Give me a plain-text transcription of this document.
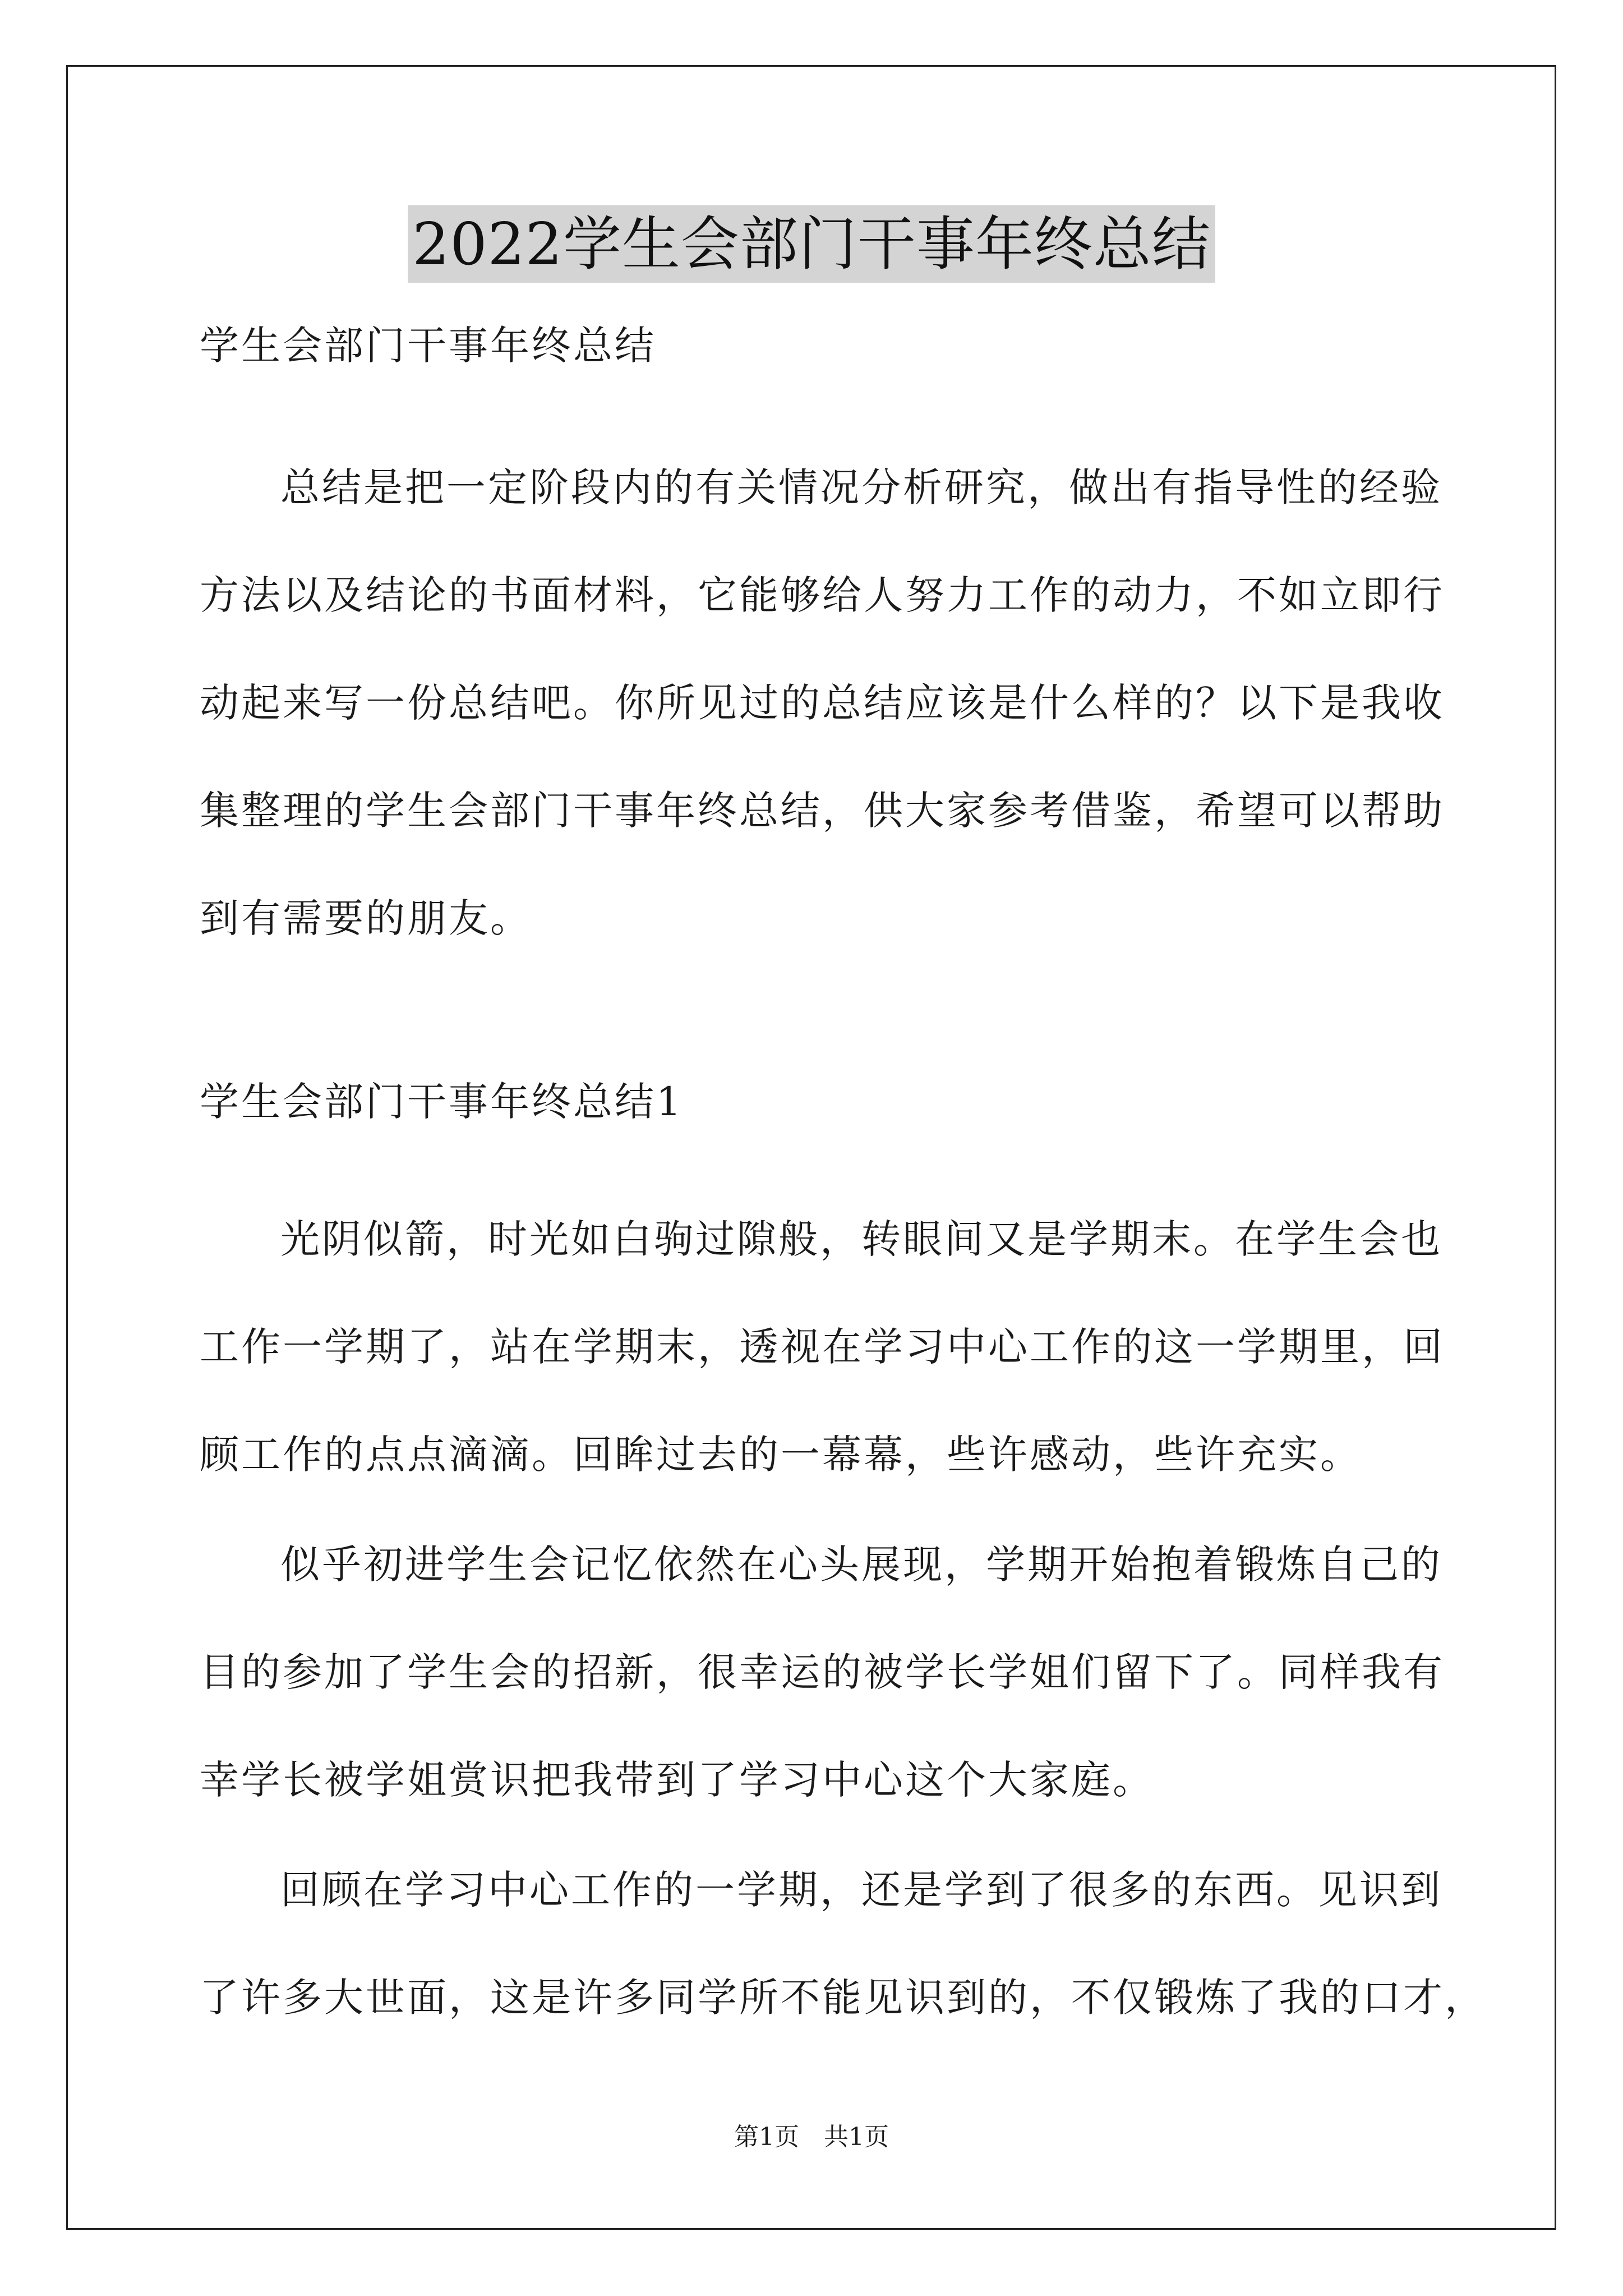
2022学生会部门干事年终总结

学生会部门干事年终总结

总结是把一定阶段内的有关情况分析研究，做出有指导性的经验

方法以及结论的书面材料，它能够给人努力工作的动力，不如立即行

动起来写一份总结吧。你所见过的总结应该是什么样的？以下是我收

集整理的学生会部门干事年终总结，供大家参考借鉴，希望可以帮助

到有需要的朋友。

学生会部门干事年终总结1

光阴似箭，时光如白驹过隙般，转眼间又是学期末。在学生会也

工作一学期了，站在学期末，透视在学习中心工作的这一学期里，回

顾工作的点点滴滴。回眸过去的一幕幕，些许感动，些许充实。

似乎初进学生会记忆依然在心头展现，学期开始抱着锻炼自己的

目的参加了学生会的招新，很幸运的被学长学姐们留下了。同样我有

幸学长被学姐赏识把我带到了学习中心这个大家庭。

回顾在学习中心工作的一学期，还是学到了很多的东西。见识到

了许多大世面，这是许多同学所不能见识到的，不仅锻炼了我的口才，

第1页　共1页
